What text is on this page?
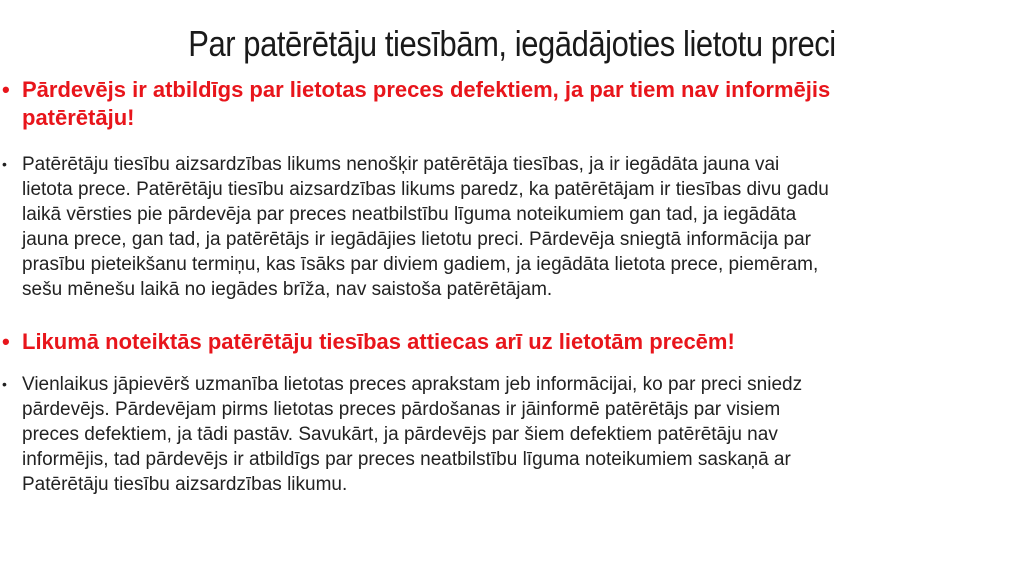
Par patērētāju tiesībām, iegādājoties lietotu preci
• Pārdevējs ir atbildīgs par lietotas preces defektiem, ja par tiem nav informējis
patērētāju!
• Patērētāju tiesību aizsardzības likums nenošķir patērētāja tiesības, ja ir iegādāta jauna vai
lietota prece. Patērētāju tiesību aizsardzības likums paredz, ka patērētājam ir tiesības divu gadu
laikā vērsties pie pārdevēja par preces neatbilstību līguma noteikumiem gan tad, ja iegādāta
jauna prece, gan tad, ja patērētājs ir iegādājies lietotu preci. Pārdevēja sniegtā informācija par
prasību pieteikšanu termiņu, kas īsāks par diviem gadiem, ja iegādāta lietota prece, piemēram,
sešu mēnešu laikā no iegādes brīža, nav saistoša patērētājam.
• Likumā noteiktās patērētāju tiesības attiecas arī uz lietotām precēm!
• Vienlaikus jāpievērš uzmanība lietotas preces aprakstam jeb informācijai, ko par preci sniedz
pārdevējs. Pārdevējam pirms lietotas preces pārdošanas ir jāinformē patērētājs par visiem
preces defektiem, ja tādi pastāv. Savukārt, ja pārdevējs par šiem defektiem patērētāju nav
informējis, tad pārdevējs ir atbildīgs par preces neatbilstību līguma noteikumiem saskaņā ar
Patērētāju tiesību aizsardzības likumu.
